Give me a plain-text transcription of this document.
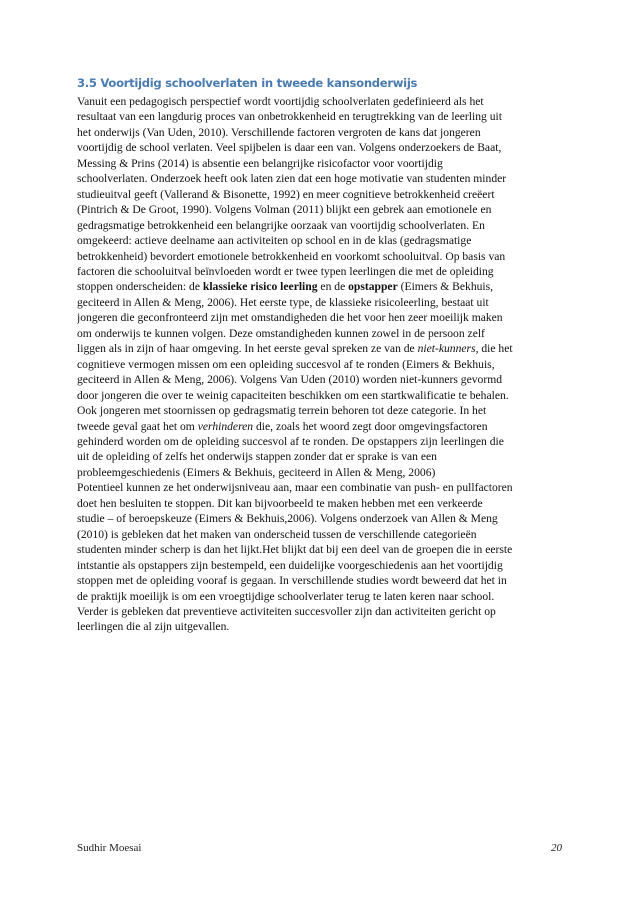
3.5 Voortijdig schoolverlaten in tweede kansonderwijs
Vanuit een pedagogisch perspectief wordt voortijdig schoolverlaten gedefinieerd als het
resultaat van een langdurig proces van onbetrokkenheid en terugtrekking van de leerling uit
het onderwijs (Van Uden, 2010). Verschillende factoren vergroten de kans dat jongeren
voortijdig de school verlaten. Veel spijbelen is daar een van. Volgens onderzoekers de Baat,
Messing & Prins (2014) is absentie een belangrijke risicofactor voor voortijdig
schoolverlaten. Onderzoek heeft ook laten zien dat een hoge motivatie van studenten minder
studieuitval geeft (Vallerand & Bisonette, 1992) en meer cognitieve betrokkenheid creëert
(Pintrich & De Groot, 1990). Volgens Volman (2011) blijkt een gebrek aan emotionele en
gedragsmatige betrokkenheid een belangrijke oorzaak van voortijdig schoolverlaten. En
omgekeerd: actieve deelname aan activiteiten op school en in de klas (gedragsmatige
betrokkenheid) bevordert emotionele betrokkenheid en voorkomt schooluitval. Op basis van
factoren die schooluitval beïnvloeden wordt er twee typen leerlingen die met de opleiding
stoppen onderscheiden: de klassieke risico leerling en de opstapper (Eimers & Bekhuis,
geciteerd in Allen & Meng, 2006). Het eerste type, de klassieke risicoleerling, bestaat uit
jongeren die geconfronteerd zijn met omstandigheden die het voor hen zeer moeilijk maken
om onderwijs te kunnen volgen. Deze omstandigheden kunnen zowel in de persoon zelf
liggen als in zijn of haar omgeving. In het eerste geval spreken ze van de niet-kunners, die het
cognitieve vermogen missen om een opleiding succesvol af te ronden (Eimers & Bekhuis,
geciteerd in Allen & Meng, 2006). Volgens Van Uden (2010) worden niet-kunners gevormd
door jongeren die over te weinig capaciteiten beschikken om een startkwalificatie te behalen.
Ook jongeren met stoornissen op gedragsmatig terrein behoren tot deze categorie. In het
tweede geval gaat het om verhinderen die, zoals het woord zegt door omgevingsfactoren
gehinderd worden om de opleiding succesvol af te ronden. De opstappers zijn leerlingen die
uit de opleiding of zelfs het onderwijs stappen zonder dat er sprake is van een
probleemgeschiedenis (Eimers & Bekhuis, geciteerd in Allen & Meng, 2006)
Potentieel kunnen ze het onderwijsniveau aan, maar een combinatie van push- en pullfactoren
doet hen besluiten te stoppen. Dit kan bijvoorbeeld te maken hebben met een verkeerde
studie – of beroepskeuze (Eimers & Bekhuis,2006). Volgens onderzoek van Allen & Meng
(2010) is gebleken dat het maken van onderscheid tussen de verschillende categorieën
studenten minder scherp is dan het lijkt.Het blijkt dat bij een deel van de groepen die in eerste
intstantie als opstappers zijn bestempeld, een duidelijke voorgeschiedenis aan het voortijdig
stoppen met de opleiding vooraf is gegaan. In verschillende studies wordt beweerd dat het in
de praktijk moeilijk is om een vroegtijdige schoolverlater terug te laten keren naar school.
Verder is gebleken dat preventieve activiteiten succesvoller zijn dan activiteiten gericht op
leerlingen die al zijn uitgevallen.
Sudhir Moesai	20
